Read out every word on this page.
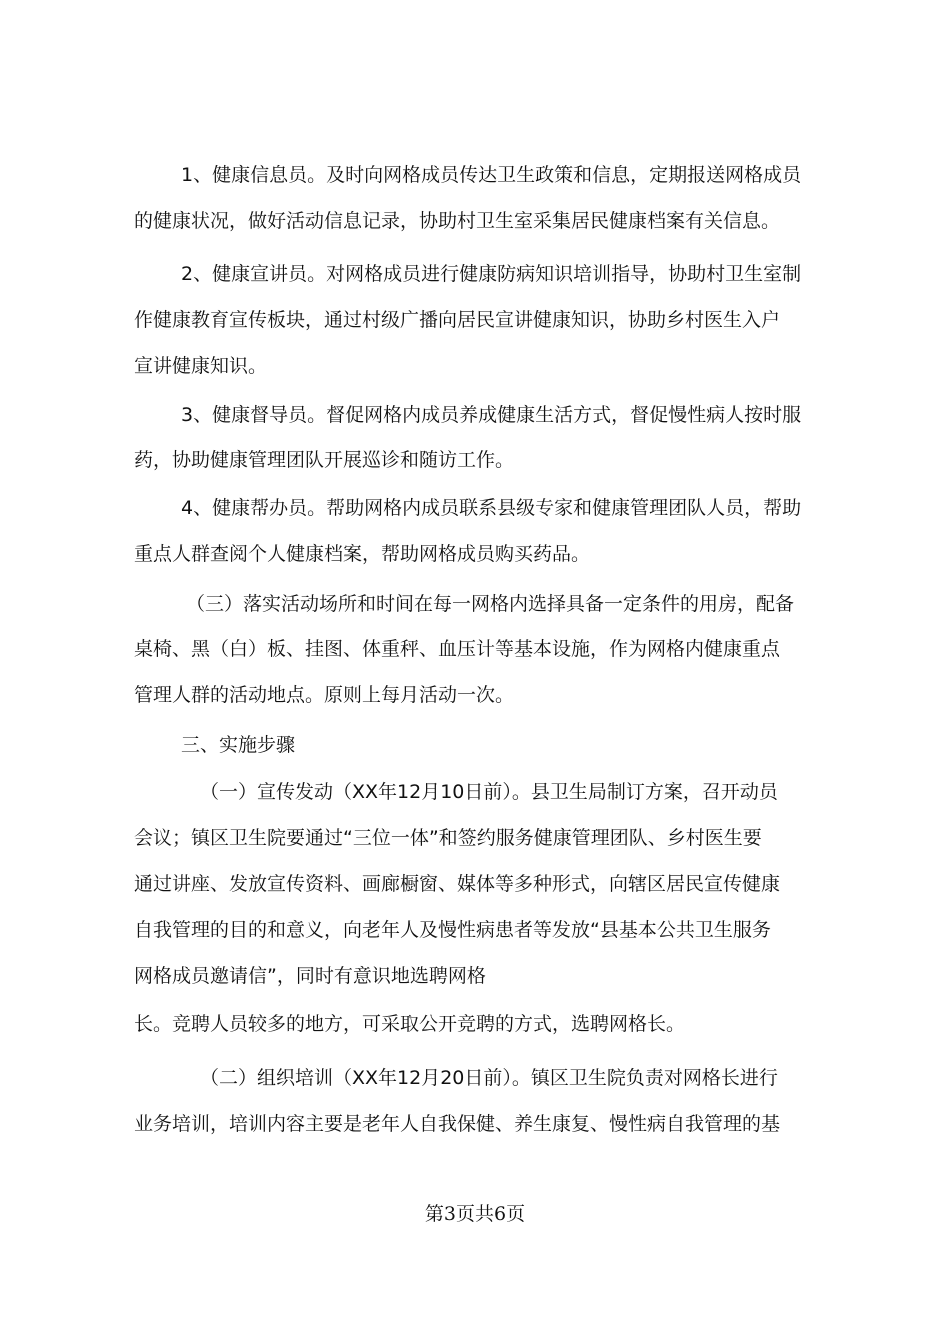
1、健康信息员。及时向网格成员传达卫生政策和信息，定期报送网格成员
的健康状况，做好活动信息记录，协助村卫生室采集居民健康档案有关信息。
2、健康宣讲员。对网格成员进行健康防病知识培训指导，协助村卫生室制
作健康教育宣传板块，通过村级广播向居民宣讲健康知识，协助乡村医生入户
宣讲健康知识。
3、健康督导员。督促网格内成员养成健康生活方式，督促慢性病人按时服
药，协助健康管理团队开展巡诊和随访工作。
4、健康帮办员。帮助网格内成员联系县级专家和健康管理团队人员，帮助
重点人群查阅个人健康档案，帮助网格成员购买药品。
（三）落实活动场所和时间在每一网格内选择具备一定条件的用房，配备
桌椅、黑（白）板、挂图、体重秤、血压计等基本设施，作为网格内健康重点
管理人群的活动地点。原则上每月活动一次。
三、实施步骤
（一）宣传发动（XX年12月10日前）。县卫生局制订方案，召开动员
会议；镇区卫生院要通过“三位一体”和签约服务健康管理团队、乡村医生要
通过讲座、发放宣传资料、画廊橱窗、媒体等多种形式，向辖区居民宣传健康
自我管理的目的和意义，向老年人及慢性病患者等发放“县基本公共卫生服务
网格成员邀请信”，同时有意识地选聘网格
长。竞聘人员较多的地方，可采取公开竞聘的方式，选聘网格长。
（二）组织培训（XX年12月20日前）。镇区卫生院负责对网格长进行
业务培训，培训内容主要是老年人自我保健、养生康复、慢性病自我管理的基
第3页共6页
